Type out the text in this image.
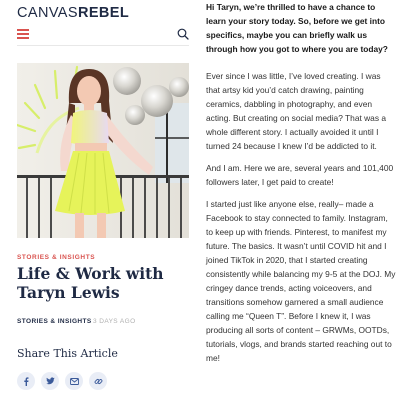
CANVASREBEL
STORIES & INSIGHTS
Life & Work with Taryn Lewis
STORIES & INSIGHTS 3 DAYS AGO
Share This Article

Hi Taryn, we’re thrilled to have a chance to learn your story today. So, before we get into specifics, maybe you can briefly walk us through how you got to where you are today?

Ever since I was little, I’ve loved creating. I was that artsy kid you’d catch drawing, painting ceramics, dabbling in photography, and even acting. But creating on social media? That was a whole different story. I actually avoided it until I turned 24 because I knew I’d be addicted to it.

And I am. Here we are, several years and 101,400 followers later, I get paid to create!

I started just like anyone else, really– made a Facebook to stay connected to family. Instagram, to keep up with friends. Pinterest, to manifest my future. The basics. It wasn’t until COVID hit and I joined TikTok in 2020, that I started creating consistently while balancing my 9-5 at the DOJ. My cringey dance trends, acting voiceovers, and transitions somehow garnered a small audience calling me “Queen T”. Before I knew it, I was producing all sorts of content – GRWMs, OOTDs, tutorials, vlogs, and brands started reaching out to me!
